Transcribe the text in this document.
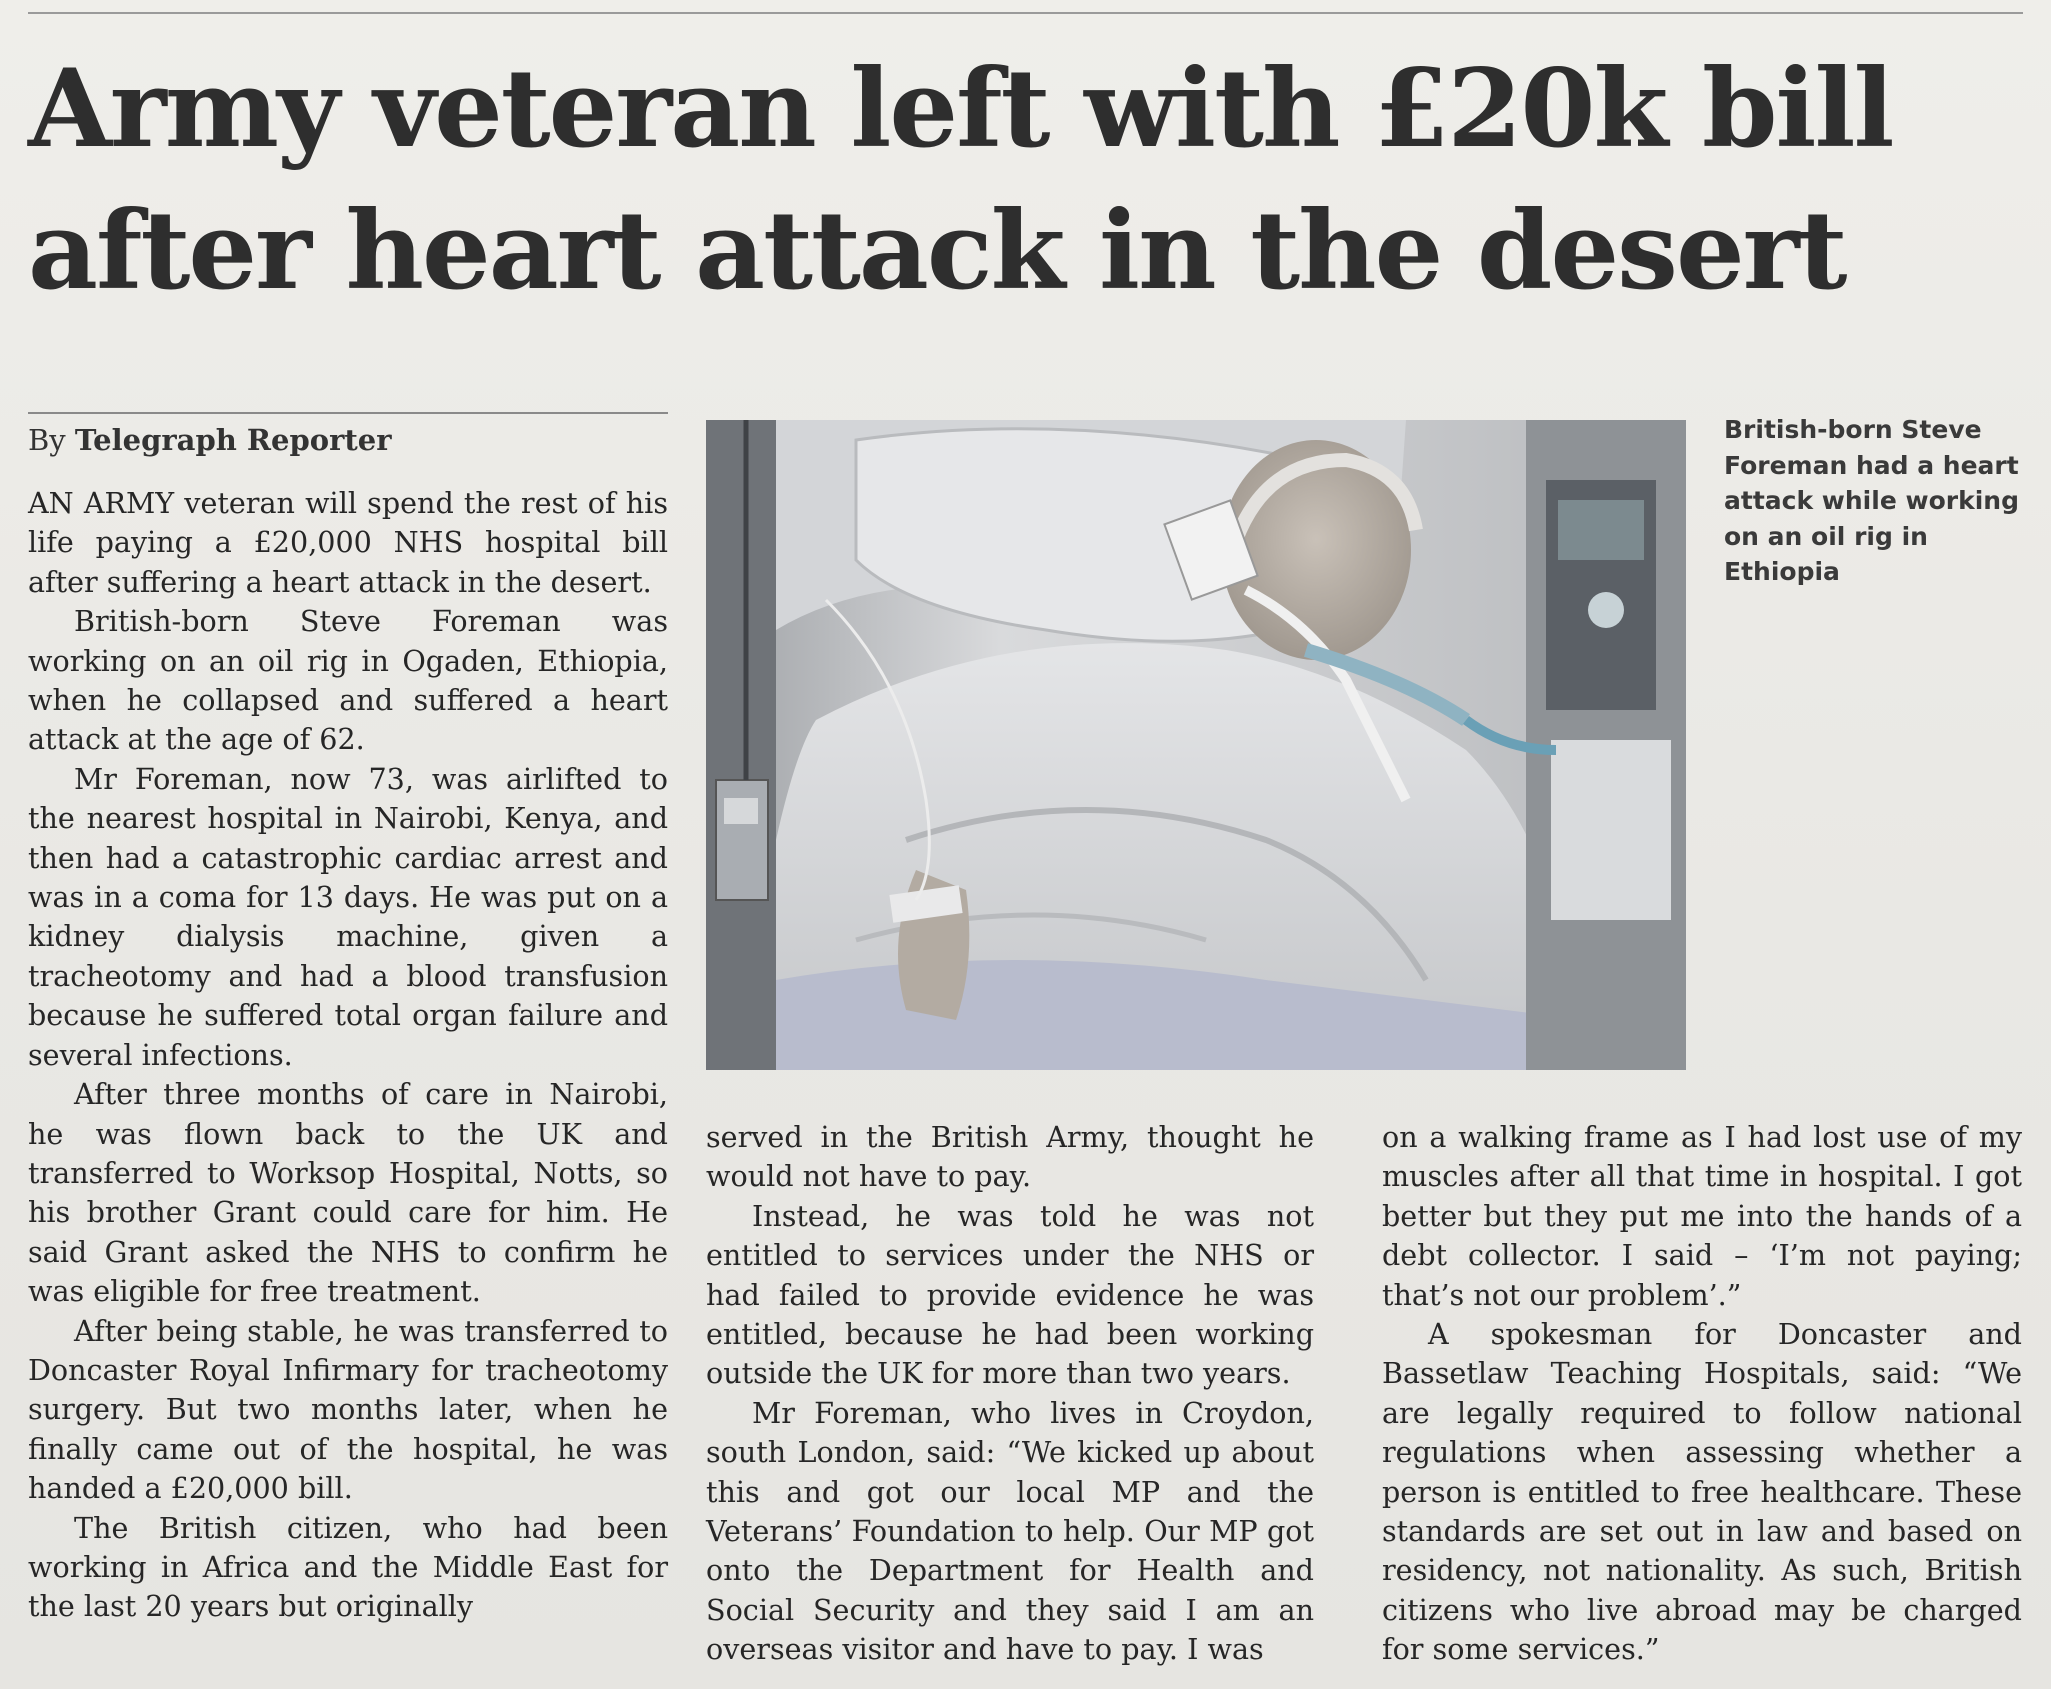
Army veteran left with £20k bill
after heart attack in the desert
By Telegraph Reporter

AN ARMY veteran will spend the rest of his life paying a £20,000 NHS hospital bill after suffering a heart attack in the desert.

British-born Steve Foreman was working on an oil rig in Ogaden, Ethiopia, when he collapsed and suffered a heart attack at the age of 62.

Mr Foreman, now 73, was airlifted to the nearest hospital in Nairobi, Kenya, and then had a catastrophic cardiac arrest and was in a coma for 13 days. He was put on a kidney dialysis machine, given a tracheotomy and had a blood transfusion because he suffered total organ failure and several infections.

After three months of care in Nairobi, he was flown back to the UK and transferred to Worksop Hospital, Notts, so his brother Grant could care for him. He said Grant asked the NHS to confirm he was eligible for free treatment.

After being stable, he was transferred to Doncaster Royal Infirmary for tracheotomy surgery. But two months later, when he finally came out of the hospital, he was handed a £20,000 bill.

The British citizen, who had been working in Africa and the Middle East for the last 20 years but originally

British-born Steve Foreman had a heart attack while working on an oil rig in Ethiopia

served in the British Army, thought he would not have to pay.

Instead, he was told he was not entitled to services under the NHS or had failed to provide evidence he was entitled, because he had been working outside the UK for more than two years.

Mr Foreman, who lives in Croydon, south London, said: “We kicked up about this and got our local MP and the Veterans’ Foundation to help. Our MP got onto the Department for Health and Social Security and they said I am an overseas visitor and have to pay. I was

on a walking frame as I had lost use of my muscles after all that time in hospital. I got better but they put me into the hands of a debt collector. I said – ‘I’m not paying; that’s not our problem’.”

A spokesman for Doncaster and Bassetlaw Teaching Hospitals, said: “We are legally required to follow national regulations when assessing whether a person is entitled to free healthcare. These standards are set out in law and based on residency, not nationality. As such, British citizens who live abroad may be charged for some services.”
